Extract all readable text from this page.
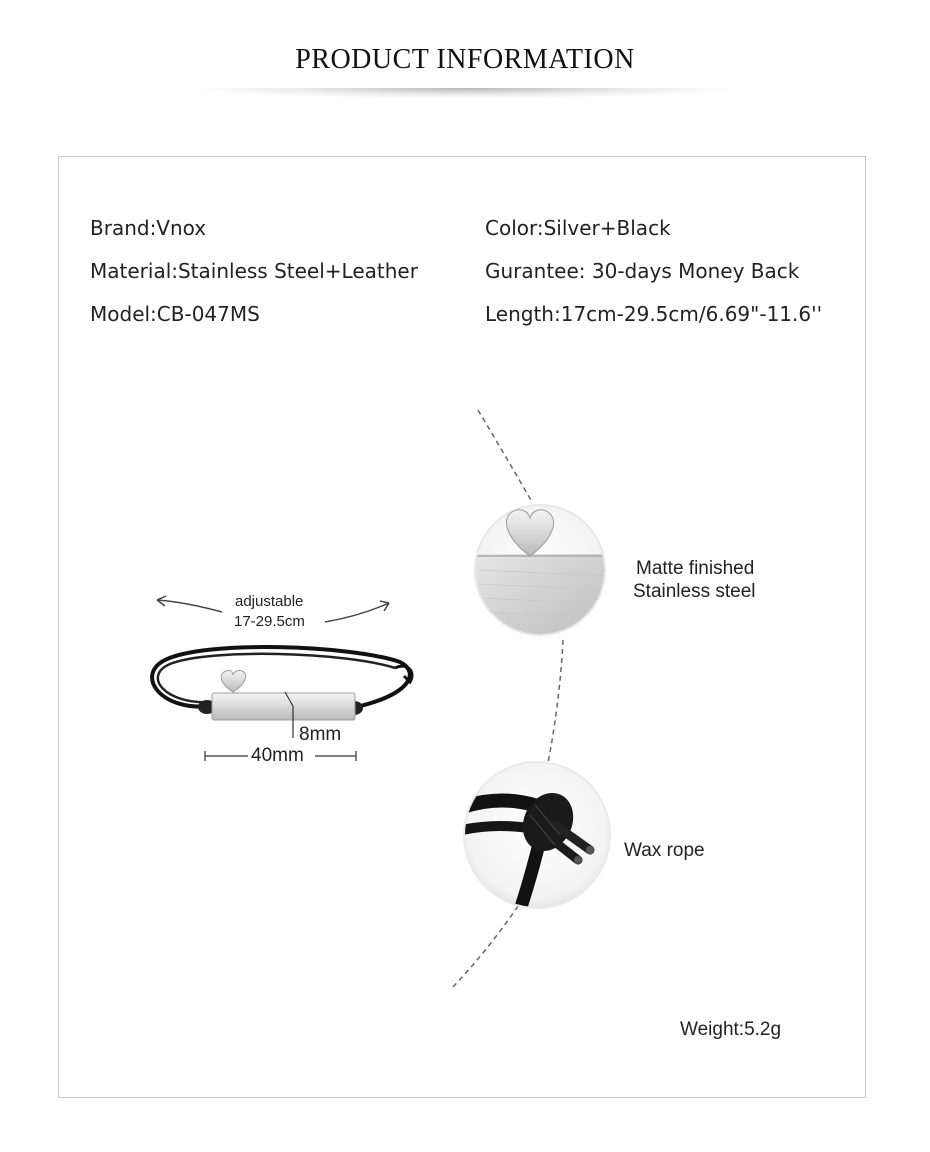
PRODUCT INFORMATION
Brand:Vnox
Material:Stainless Steel+Leather
Model:CB-047MS
Color:Silver+Black
Gurantee: 30-days Money Back
Length:17cm-29.5cm/6.69"-11.6''
adjustable
17-29.5cm
8mm
40mm
Matte finished
Stainless steel
Wax rope
Weight:5.2g
